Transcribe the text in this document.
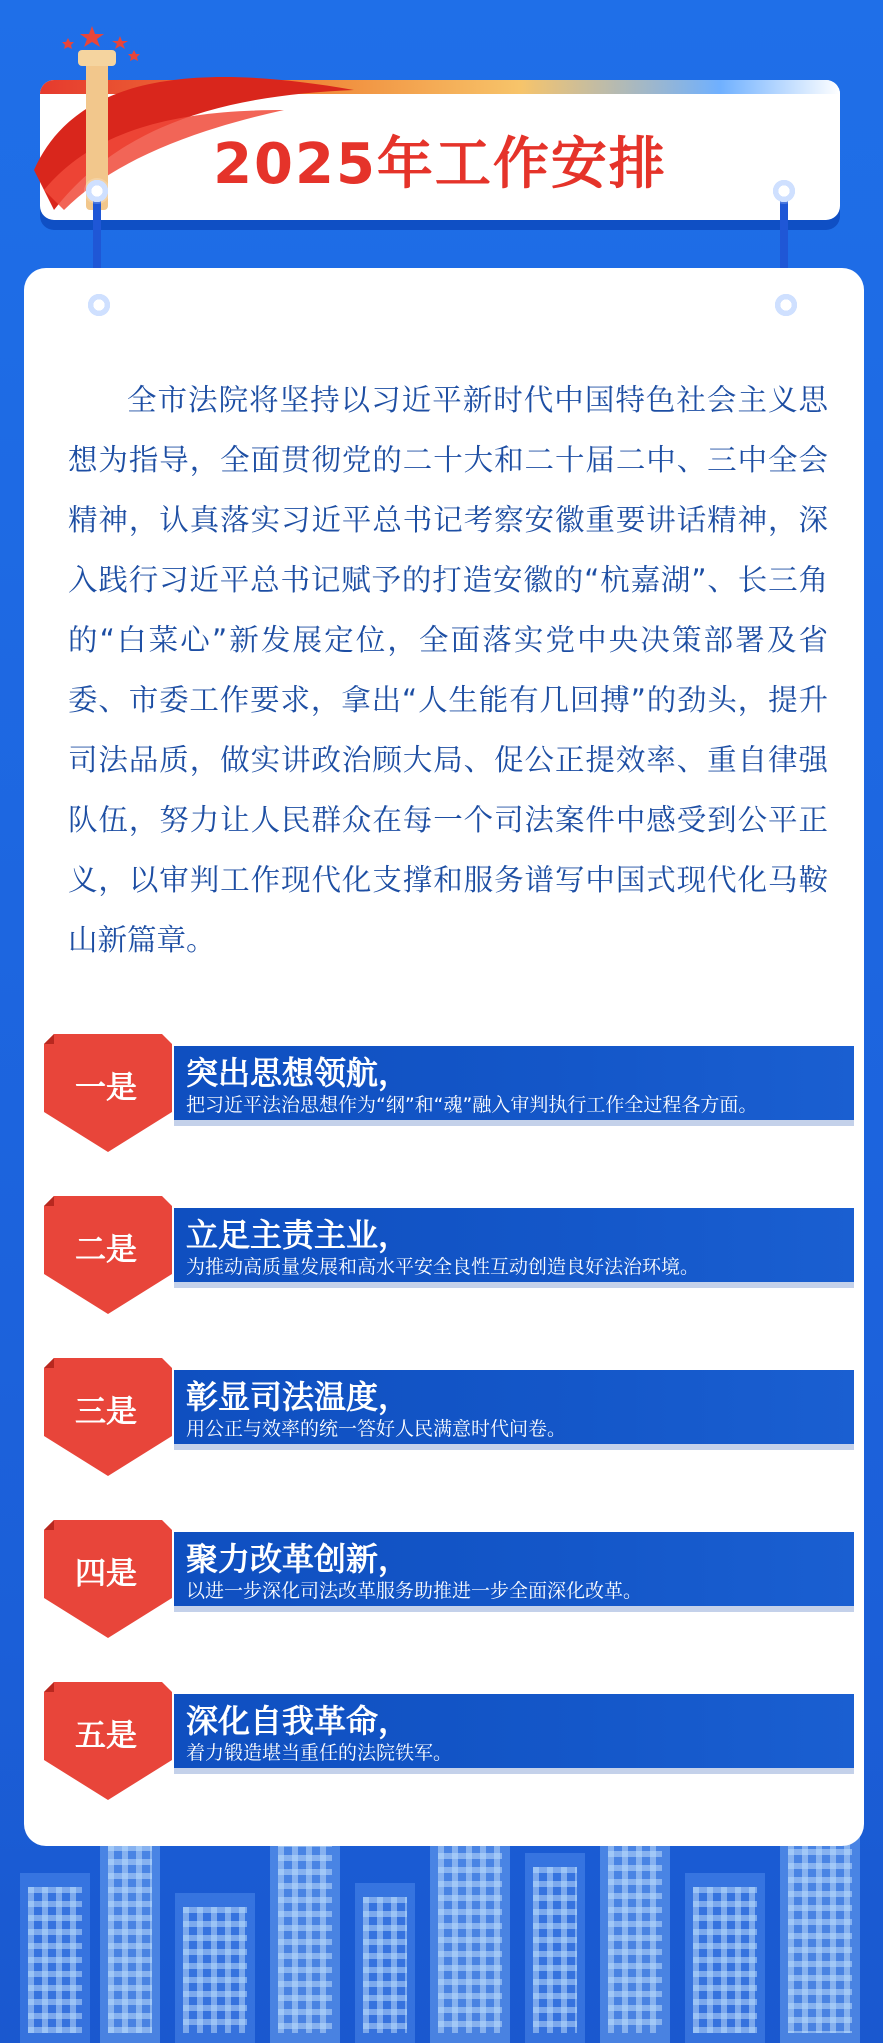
2025年工作安排

全市法院将坚持以习近平新时代中国特色社会主义思想为指导，全面贯彻党的二十大和二十届二中、三中全会精神，认真落实习近平总书记考察安徽重要讲话精神，深入践行习近平总书记赋予的打造安徽的“杭嘉湖”、长三角的“白菜心”新发展定位，全面落实党中央决策部署及省委、市委工作要求，拿出“人生能有几回搏”的劲头，提升司法品质，做实讲政治顾大局、促公正提效率、重自律强队伍，努力让人民群众在每一个司法案件中感受到公平正义，以审判工作现代化支撑和服务谱写中国式现代化马鞍山新篇章。

一是	突出思想领航，
把习近平法治思想作为“纲”和“魂”融入审判执行工作全过程各方面。
二是	立足主责主业，
为推动高质量发展和高水平安全良性互动创造良好法治环境。
三是	彰显司法温度，
用公正与效率的统一答好人民满意时代问卷。
四是	聚力改革创新，
以进一步深化司法改革服务助推进一步全面深化改革。
五是	深化自我革命，
着力锻造堪当重任的法院铁军。
